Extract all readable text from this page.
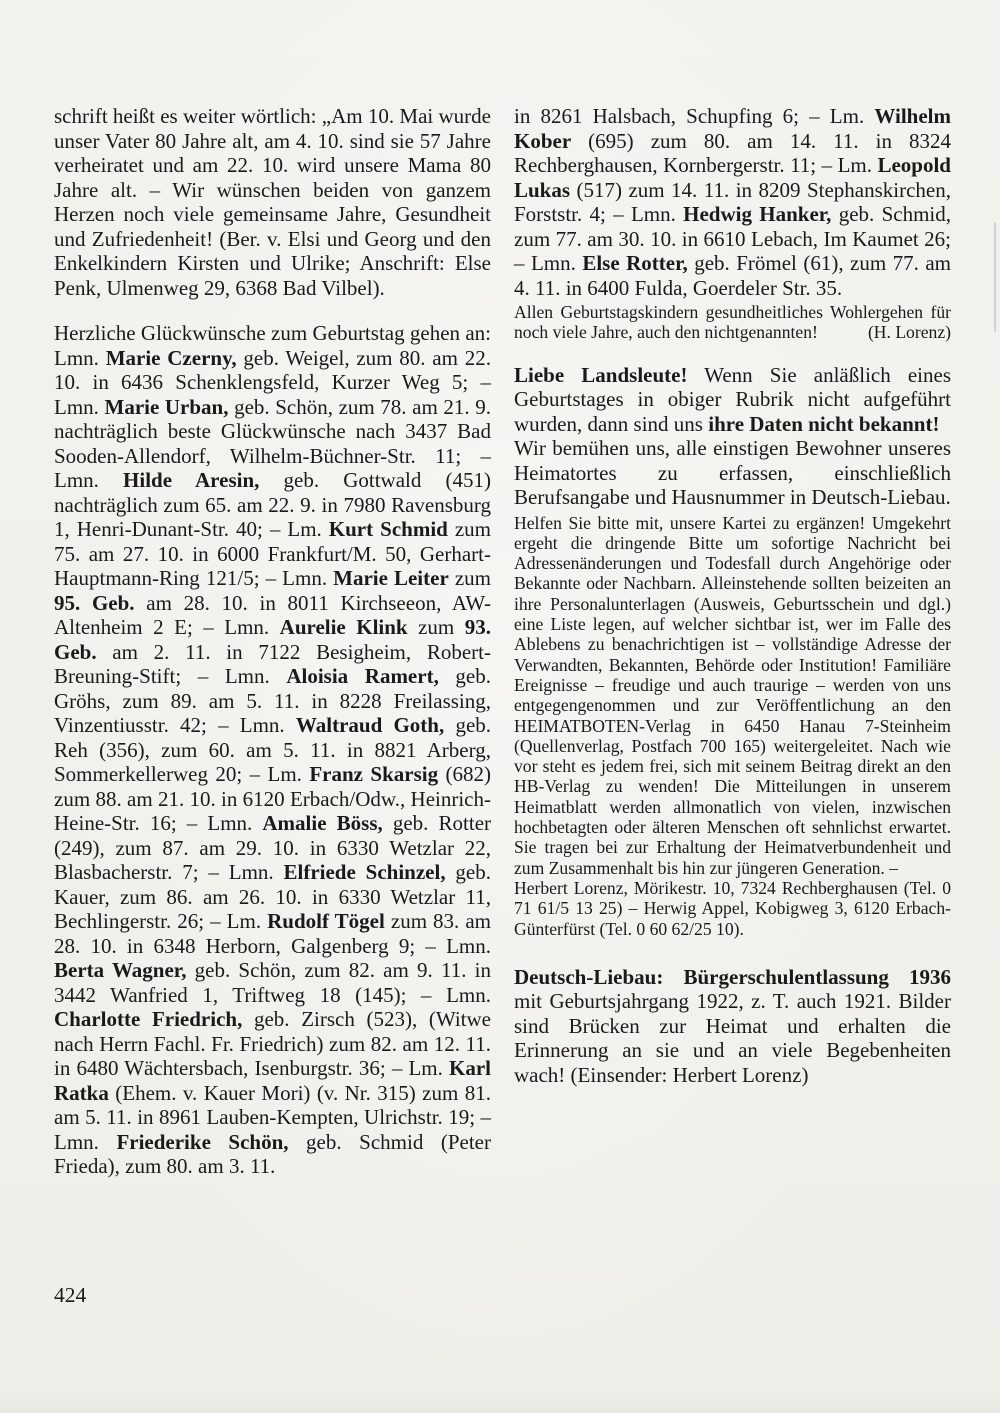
schrift heißt es weiter wörtlich: „Am 10. Mai wurde unser Vater 80 Jahre alt, am 4. 10. sind sie 57 Jahre verheiratet und am 22. 10. wird unsere Mama 80 Jahre alt. – Wir wünschen beiden von ganzem Herzen noch viele gemeinsame Jahre, Gesundheit und Zufriedenheit! (Ber. v. Elsi und Georg und den Enkelkindern Kirsten und Ulrike; Anschrift: Else Penk, Ulmenweg 29, 6368 Bad Vilbel).

Herzliche Glückwünsche zum Geburtstag gehen an: Lmn. Marie Czerny, geb. Weigel, zum 80. am 22. 10. in 6436 Schenklengsfeld, Kurzer Weg 5; – Lmn. Marie Urban, geb. Schön, zum 78. am 21. 9. nachträglich beste Glückwünsche nach 3437 Bad Sooden-Allendorf, Wilhelm-Büchner-Str. 11; – Lmn. Hilde Aresin, geb. Gottwald (451) nachträglich zum 65. am 22. 9. in 7980 Ravensburg 1, Henri-Dunant-Str. 40; – Lm. Kurt Schmid zum 75. am 27. 10. in 6000 Frankfurt/M. 50, Gerhart-Hauptmann-Ring 121/5; – Lmn. Marie Leiter zum 95. Geb. am 28. 10. in 8011 Kirchseeon, AW-Altenheim 2 E; – Lmn. Aurelie Klink zum 93. Geb. am 2. 11. in 7122 Besigheim, Robert-Breuning-Stift; – Lmn. Aloisia Ramert, geb. Gröhs, zum 89. am 5. 11. in 8228 Freilassing, Vinzentiusstr. 42; – Lmn. Waltraud Goth, geb. Reh (356), zum 60. am 5. 11. in 8821 Arberg, Sommerkellerweg 20; – Lm. Franz Skarsig (682) zum 88. am 21. 10. in 6120 Erbach/Odw., Heinrich-Heine-Str. 16; – Lmn. Amalie Böss, geb. Rotter (249), zum 87. am 29. 10. in 6330 Wetzlar 22, Blasbacherstr. 7; – Lmn. Elfriede Schinzel, geb. Kauer, zum 86. am 26. 10. in 6330 Wetzlar 11, Bechlingerstr. 26; – Lm. Rudolf Tögel zum 83. am 28. 10. in 6348 Herborn, Galgenberg 9; – Lmn. Berta Wagner, geb. Schön, zum 82. am 9. 11. in 3442 Wanfried 1, Triftweg 18 (145); – Lmn. Charlotte Friedrich, geb. Zirsch (523), (Witwe nach Herrn Fachl. Fr. Friedrich) zum 82. am 12. 11. in 6480 Wächtersbach, Isenburgstr. 36; – Lm. Karl Ratka (Ehem. v. Kauer Mori) (v. Nr. 315) zum 81. am 5. 11. in 8961 Lauben-Kempten, Ulrichstr. 19; – Lmn. Friederike Schön, geb. Schmid (Peter Frieda), zum 80. am 3. 11.

in 8261 Halsbach, Schupfing 6; – Lm. Wilhelm Kober (695) zum 80. am 14. 11. in 8324 Rechberghausen, Kornbergerstr. 11; – Lm. Leopold Lukas (517) zum 14. 11. in 8209 Stephanskirchen, Forststr. 4; – Lmn. Hedwig Hanker, geb. Schmid, zum 77. am 30. 10. in 6610 Lebach, Im Kaumet 26; – Lmn. Else Rotter, geb. Frömel (61), zum 77. am 4. 11. in 6400 Fulda, Goerdeler Str. 35.

Allen Geburtstagskindern gesundheitliches Wohlergehen für noch viele Jahre, auch den nichtgenannten!	(H. Lorenz)

Liebe Landsleute! Wenn Sie anläßlich eines Geburtstages in obiger Rubrik nicht aufgeführt wurden, dann sind uns ihre Daten nicht bekannt!

Wir bemühen uns, alle einstigen Bewohner unseres Heimatortes zu erfassen, einschließlich Berufsangabe und Hausnummer in Deutsch-Liebau.

Helfen Sie bitte mit, unsere Kartei zu ergänzen! Umgekehrt ergeht die dringende Bitte um sofortige Nachricht bei Adressenänderungen und Todesfall durch Angehörige oder Bekannte oder Nachbarn. Alleinstehende sollten beizeiten an ihre Personalunterlagen (Ausweis, Geburtsschein und dgl.) eine Liste legen, auf welcher sichtbar ist, wer im Falle des Ablebens zu benachrichtigen ist – vollständige Adresse der Verwandten, Bekannten, Behörde oder Institution! Familiäre Ereignisse – freudige und auch traurige – werden von uns entgegengenommen und zur Veröffentlichung an den HEIMATBOTEN-Verlag in 6450 Hanau 7-Steinheim (Quellenverlag, Postfach 700 165) weitergeleitet. Nach wie vor steht es jedem frei, sich mit seinem Beitrag direkt an den HB-Verlag zu wenden! Die Mitteilungen in unserem Heimatblatt werden allmonatlich von vielen, inzwischen hochbetagten oder älteren Menschen oft sehnlichst erwartet. Sie tragen bei zur Erhaltung der Heimatverbundenheit und zum Zusammenhalt bis hin zur jüngeren Generation. –

Herbert Lorenz, Mörikestr. 10, 7324 Rechberghausen (Tel. 0 71 61/5 13 25) – Herwig Appel, Kobigweg 3, 6120 Erbach-Günterfürst (Tel. 0 60 62/25 10).

Deutsch-Liebau: Bürgerschulentlassung 1936 mit Geburtsjahrgang 1922, z. T. auch 1921. Bilder sind Brücken zur Heimat und erhalten die Erinnerung an sie und an viele Begebenheiten wach! (Einsender: Herbert Lorenz)

424
